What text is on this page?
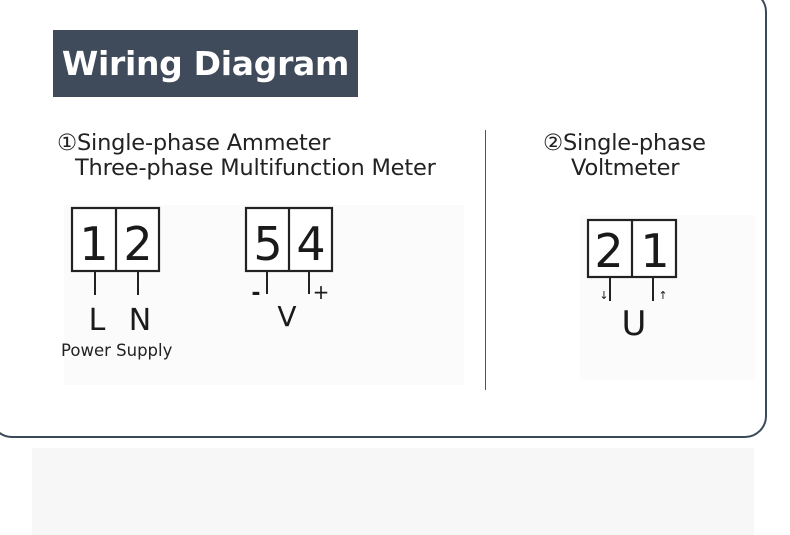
Wiring Diagram
①Single-phase Ammeter
Three-phase Multifunction Meter
②Single-phase
Voltmeter
1 2
L N
Power Supply
5 4
-	+
V
2 1
↓	↑
U
